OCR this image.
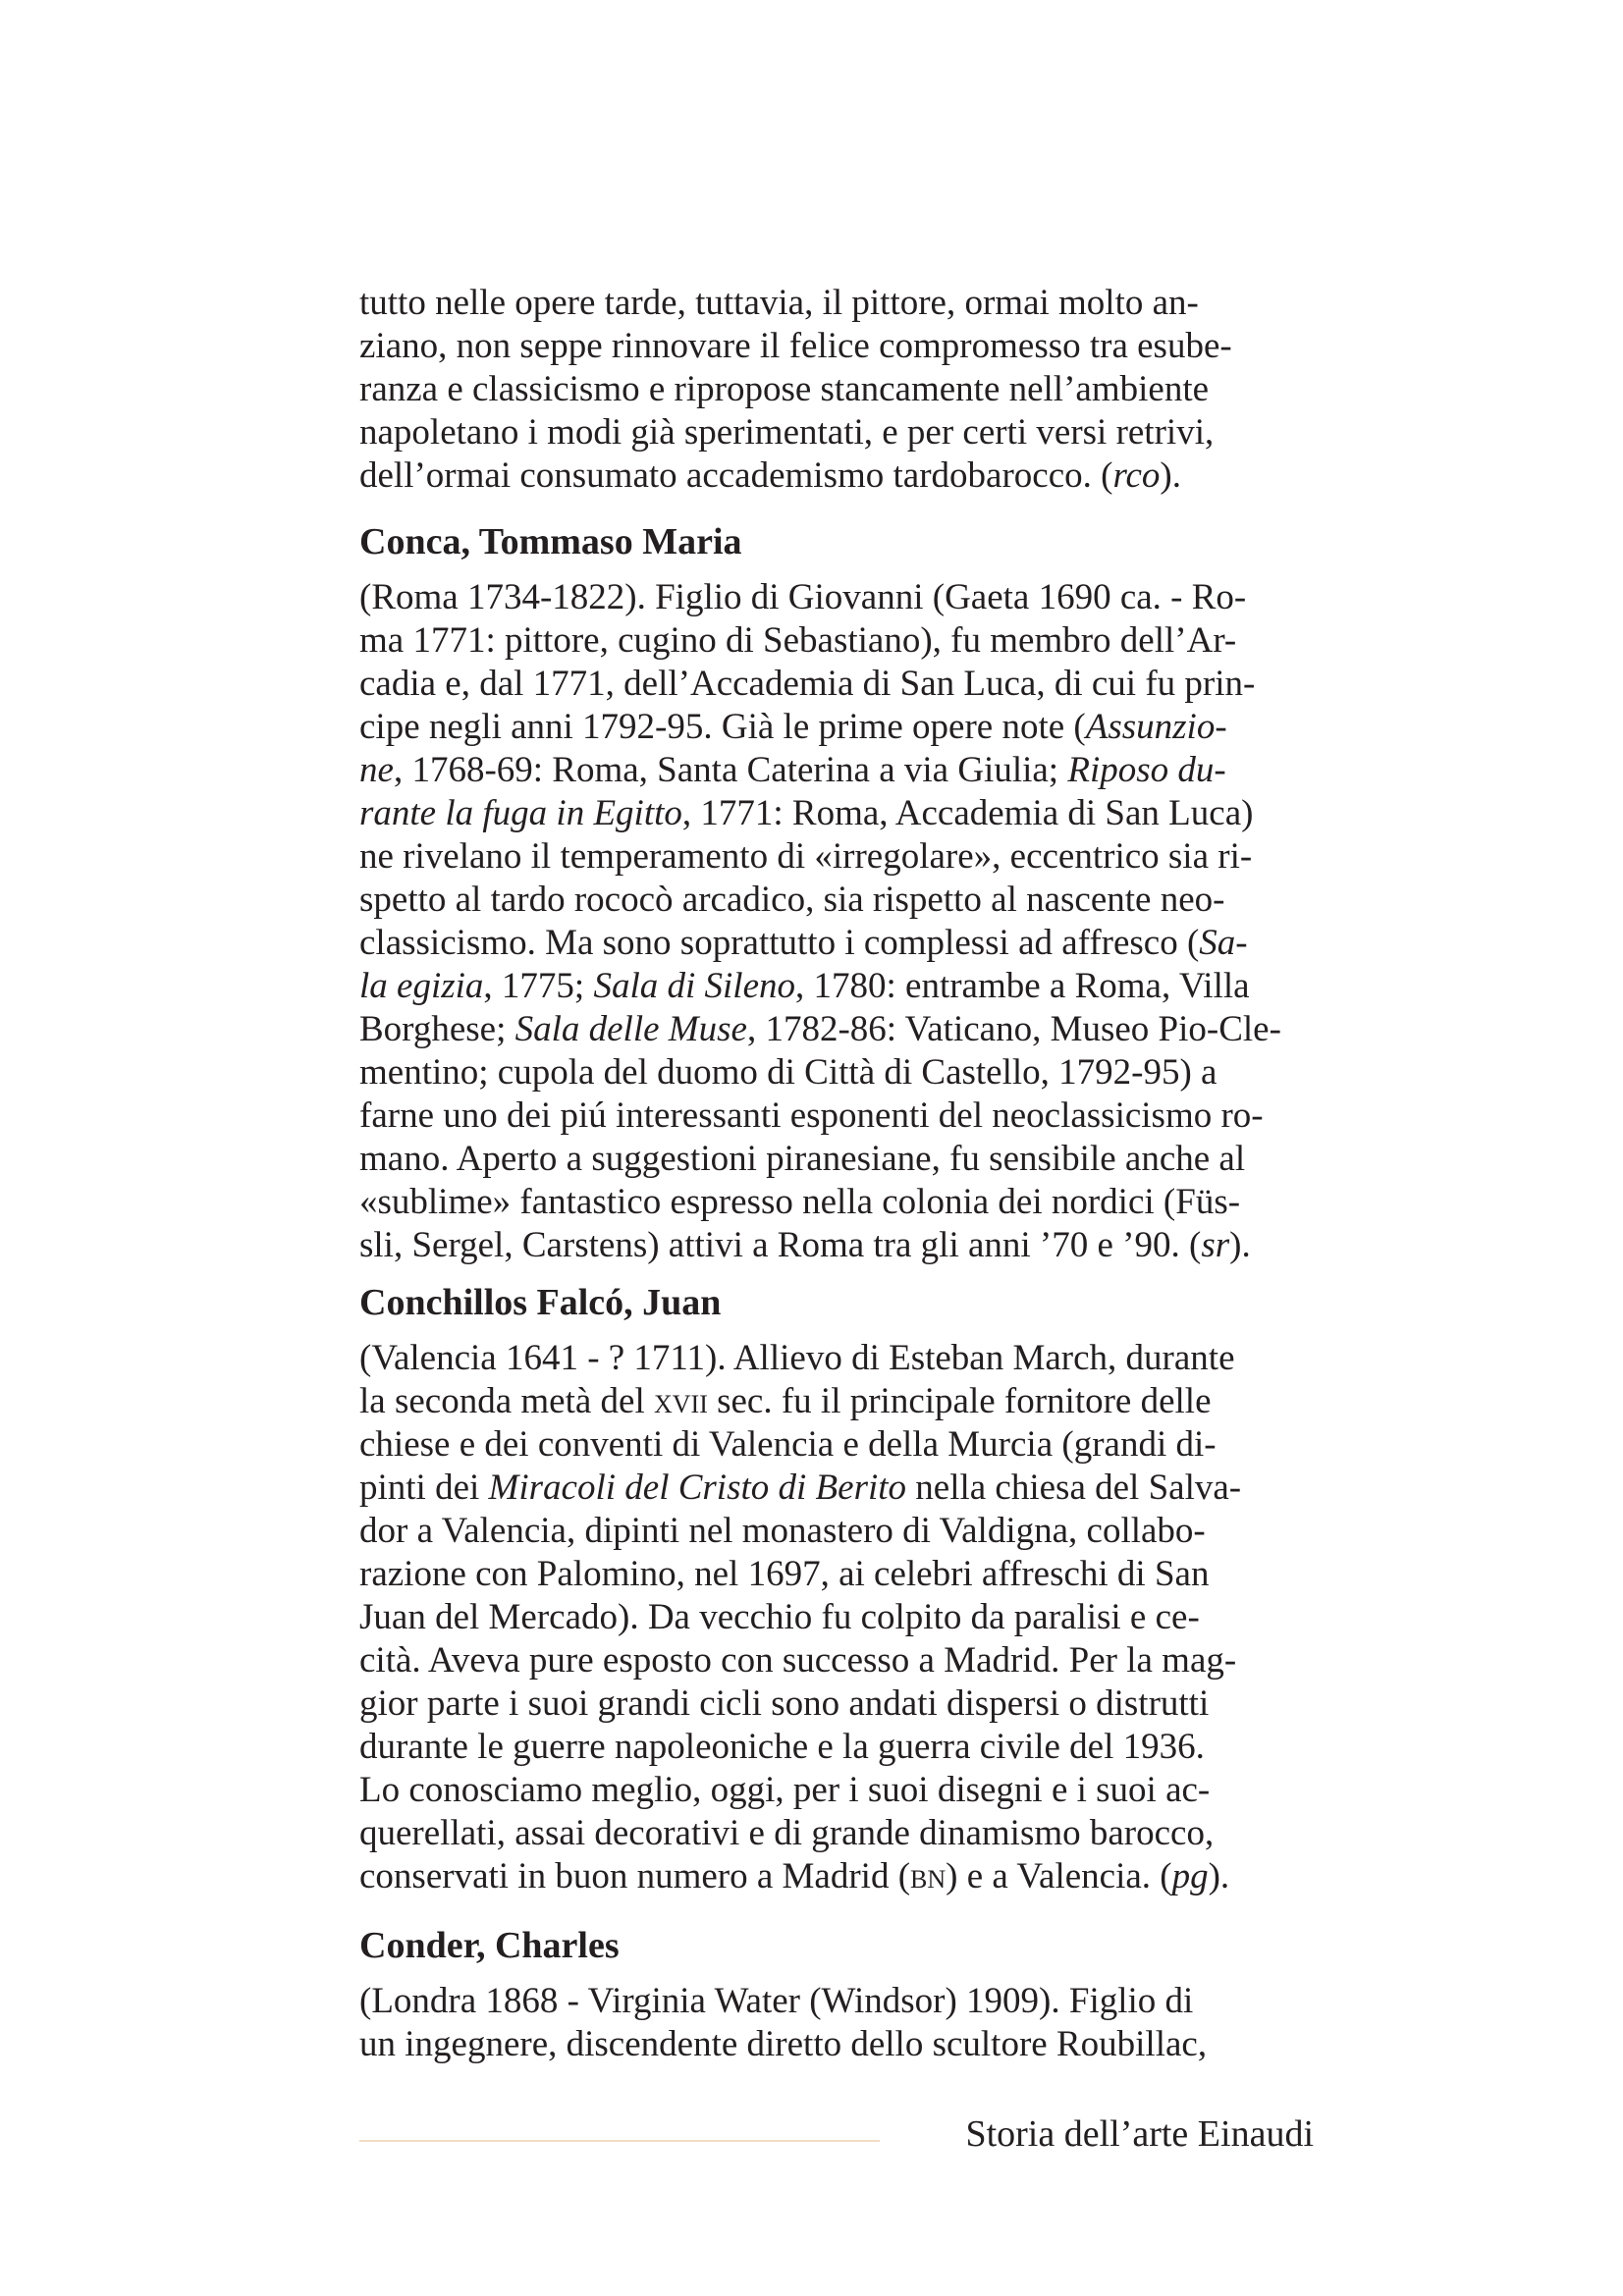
tutto nelle opere tarde, tuttavia, il pittore, ormai molto an-
ziano, non seppe rinnovare il felice compromesso tra esube-
ranza e classicismo e ripropose stancamente nell’ambiente
napoletano i modi già sperimentati, e per certi versi retrivi,
dell’ormai consumato accademismo tardobarocco. (rco).
Conca, Tommaso Maria
(Roma 1734-1822). Figlio di Giovanni (Gaeta 1690 ca. - Ro-
ma 1771: pittore, cugino di Sebastiano), fu membro dell’Ar-
cadia e, dal 1771, dell’Accademia di San Luca, di cui fu prin-
cipe negli anni 1792-95. Già le prime opere note (Assunzio-
ne, 1768-69: Roma, Santa Caterina a via Giulia; Riposo du-
rante la fuga in Egitto, 1771: Roma, Accademia di San Luca)
ne rivelano il temperamento di «irregolare», eccentrico sia ri-
spetto al tardo rococò arcadico, sia rispetto al nascente neo-
classicismo. Ma sono soprattutto i complessi ad affresco (Sa-
la egizia, 1775; Sala di Sileno, 1780: entrambe a Roma, Villa
Borghese; Sala delle Muse, 1782-86: Vaticano, Museo Pio-Cle-
mentino; cupola del duomo di Città di Castello, 1792-95) a
farne uno dei piú interessanti esponenti del neoclassicismo ro-
mano. Aperto a suggestioni piranesiane, fu sensibile anche al
«sublime» fantastico espresso nella colonia dei nordici (Füs-
sli, Sergel, Carstens) attivi a Roma tra gli anni ’70 e ’90. (sr).
Conchillos Falcó, Juan
(Valencia 1641 - ? 1711). Allievo di Esteban March, durante
la seconda metà del xvii sec. fu il principale fornitore delle
chiese e dei conventi di Valencia e della Murcia (grandi di-
pinti dei Miracoli del Cristo di Berito nella chiesa del Salva-
dor a Valencia, dipinti nel monastero di Valdigna, collabo-
razione con Palomino, nel 1697, ai celebri affreschi di San
Juan del Mercado). Da vecchio fu colpito da paralisi e ce-
cità. Aveva pure esposto con successo a Madrid. Per la mag-
gior parte i suoi grandi cicli sono andati dispersi o distrutti
durante le guerre napoleoniche e la guerra civile del 1936.
Lo conosciamo meglio, oggi, per i suoi disegni e i suoi ac-
querellati, assai decorativi e di grande dinamismo barocco,
conservati in buon numero a Madrid (bn) e a Valencia. (pg).
Conder, Charles
(Londra 1868 - Virginia Water (Windsor) 1909). Figlio di
un ingegnere, discendente diretto dello scultore Roubillac,
Storia dell’arte Einaudi
